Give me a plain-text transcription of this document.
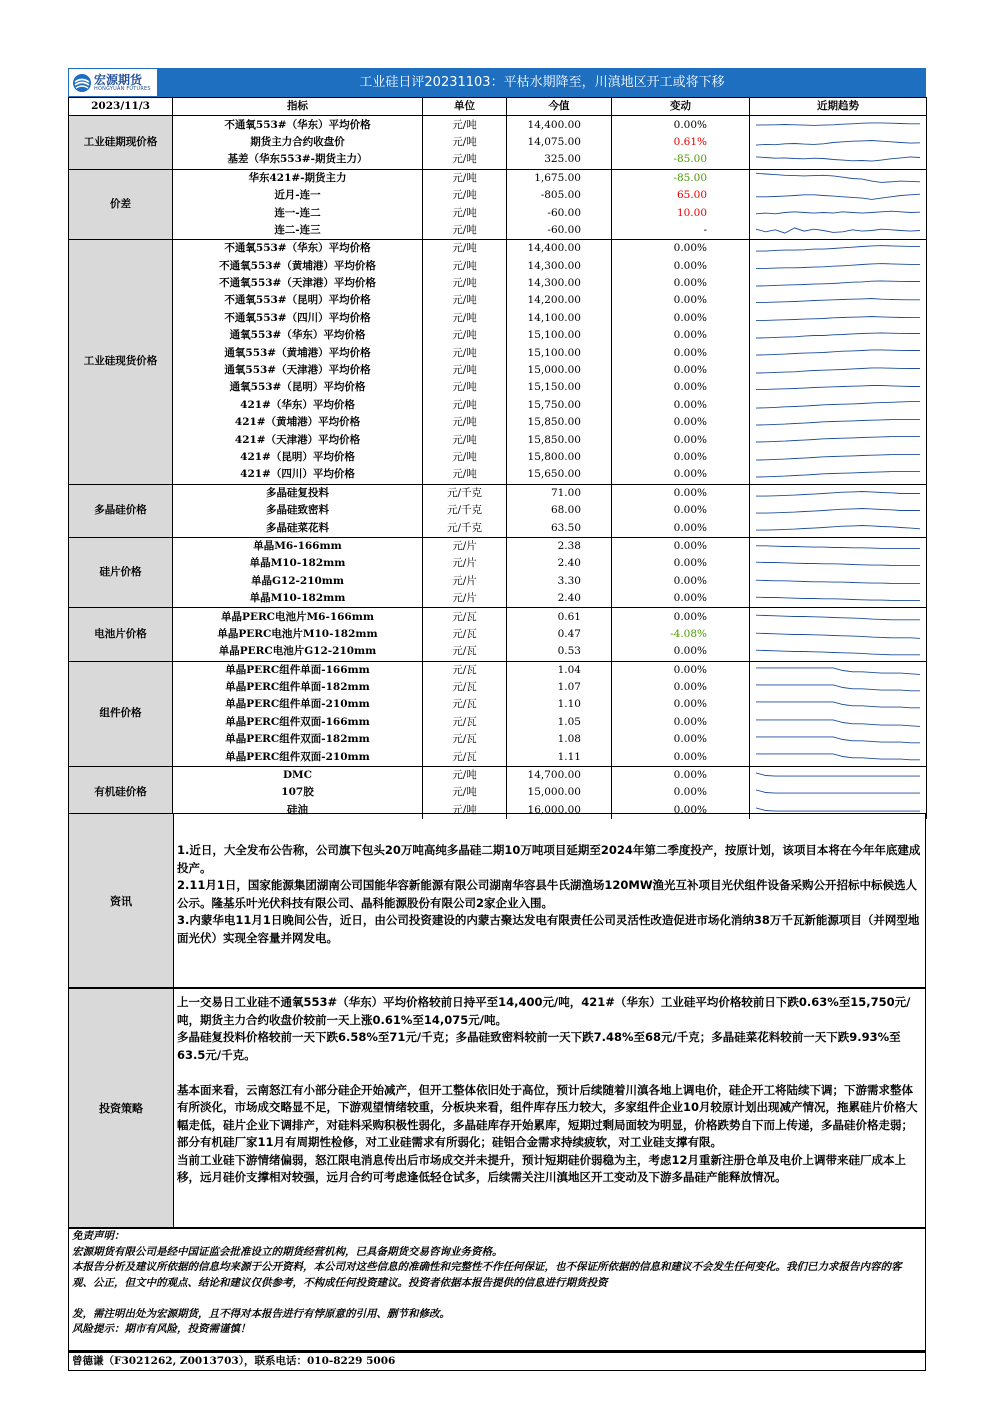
宏源期货
HONGYUAN FUTURES	工业硅日评20231103：平枯水期降至，川滇地区开工或将下移
2023/11/3	指标	单位	今值	变动	近期趋势
工业硅期现价格	不通氧553#（华东）平均价格	元/吨	14,400.00	0.00%	

	期货主力合约收盘价	元/吨	14,075.00	0.61%	

	基差（华东553#-期货主力）	元/吨	325.00	-85.00	

价差	华东421#-期货主力	元/吨	1,675.00	-85.00	

	近月-连一	元/吨	-805.00	65.00	

	连一-连二	元/吨	-60.00	10.00	

	连二-连三	元/吨	-60.00	-	

工业硅现货价格	不通氧553#（华东）平均价格	元/吨	14,400.00	0.00%	

	不通氧553#（黄埔港）平均价格	元/吨	14,300.00	0.00%	

	不通氧553#（天津港）平均价格	元/吨	14,300.00	0.00%	

	不通氧553#（昆明）平均价格	元/吨	14,200.00	0.00%	

	不通氧553#（四川）平均价格	元/吨	14,100.00	0.00%	

	通氧553#（华东）平均价格	元/吨	15,100.00	0.00%	

	通氧553#（黄埔港）平均价格	元/吨	15,100.00	0.00%	

	通氧553#（天津港）平均价格	元/吨	15,000.00	0.00%	

	通氧553#（昆明）平均价格	元/吨	15,150.00	0.00%	

	421#（华东）平均价格	元/吨	15,750.00	0.00%	

	421#（黄埔港）平均价格	元/吨	15,850.00	0.00%	

	421#（天津港）平均价格	元/吨	15,850.00	0.00%	

	421#（昆明）平均价格	元/吨	15,800.00	0.00%	

	421#（四川）平均价格	元/吨	15,650.00	0.00%	

多晶硅价格	多晶硅复投料	元/千克	71.00	0.00%	

	多晶硅致密料	元/千克	68.00	0.00%	

	多晶硅菜花料	元/千克	63.50	0.00%	

硅片价格	单晶M6-166mm	元/片	2.38	0.00%	

	单晶M10-182mm	元/片	2.40	0.00%	

	单晶G12-210mm	元/片	3.30	0.00%	

	单晶M10-182mm	元/片	2.40	0.00%	

电池片价格	单晶PERC电池片M6-166mm	元/瓦	0.61	0.00%	

	单晶PERC电池片M10-182mm	元/瓦	0.47	-4.08%	

	单晶PERC电池片G12-210mm	元/瓦	0.53	0.00%	

组件价格	单晶PERC组件单面-166mm	元/瓦	1.04	0.00%	

	单晶PERC组件单面-182mm	元/瓦	1.07	0.00%	

	单晶PERC组件单面-210mm	元/瓦	1.10	0.00%	

	单晶PERC组件双面-166mm	元/瓦	1.05	0.00%	

	单晶PERC组件双面-182mm	元/瓦	1.08	0.00%	

	单晶PERC组件双面-210mm	元/瓦	1.11	0.00%	

有机硅价格	DMC	元/吨	14,700.00	0.00%	

	107胶	元/吨	15,000.00	0.00%	

	硅油	元/吨	16,000.00	0.00%	
资讯

1.近日，大全发布公告称，公司旗下包头20万吨高纯多晶硅二期10万吨项目延期至2024年第二季度投产，按原计划，该项目本将在今年年底建成投产。

2.11月1日，国家能源集团湖南公司国能华容新能源有限公司湖南华容县牛氏湖渔场120MW渔光互补项目光伏组件设备采购公开招标中标候选人公示。隆基乐叶光伏科技有限公司、晶科能源股份有限公司2家企业入围。

3.内蒙华电11月1日晚间公告，近日，由公司投资建设的内蒙古聚达发电有限责任公司灵活性改造促进市场化消纳38万千瓦新能源项目（并网型地面光伏）实现全容量并网发电。

投资策略

上一交易日工业硅不通氧553#（华东）平均价格较前日持平至14,400元/吨，421#（华东）工业硅平均价格较前日下跌0.63%至15,750元/吨，期货主力合约收盘价较前一天上涨0.61%至14,075元/吨。

多晶硅复投料价格较前一天下跌6.58%至71元/千克；多晶硅致密料较前一天下跌7.48%至68元/千克；多晶硅菜花料较前一天下跌9.93%至63.5元/千克。

基本面来看，云南怒江有小部分硅企开始减产，但开工整体依旧处于高位，预计后续随着川滇各地上调电价，硅企开工将陆续下调；下游需求整体有所淡化，市场成交略显不足，下游观望情绪较重，分板块来看，组件库存压力较大，多家组件企业10月较原计划出现减产情况，拖累硅片价格大幅走低，硅片企业下调排产，对硅料采购积极性弱化，多晶硅库存开始累库，短期过剩局面较为明显，价格跌势自下而上传递，多晶硅价格走弱；部分有机硅厂家11月有周期性检修，对工业硅需求有所弱化；硅铝合金需求持续疲软，对工业硅支撑有限。

当前工业硅下游情绪偏弱，怒江限电消息传出后市场成交并未提升，预计短期硅价弱稳为主，考虑12月重新注册仓单及电价上调带来硅厂成本上移，远月硅价支撑相对较强，远月合约可考虑逢低轻仓试多，后续需关注川滇地区开工变动及下游多晶硅产能释放情况。

免责声明：

宏源期货有限公司是经中国证监会批准设立的期货经营机构，已具备期货交易咨询业务资格。

本报告分析及建议所依据的信息均来源于公开资料，本公司对这些信息的准确性和完整性不作任何保证，也不保证所依据的信息和建议不会发生任何变化。我们已力求报告内容的客观、公正，但文中的观点、结论和建议仅供参考，不构成任何投资建议。投资者依据本报告提供的信息进行期货投资

发，需注明出处为宏源期货，且不得对本报告进行有悖原意的引用、删节和修改。

风险提示：期市有风险，投资需谨慎！

曾德谦（F3021262, Z0013703），联系电话：010-8229 5006
